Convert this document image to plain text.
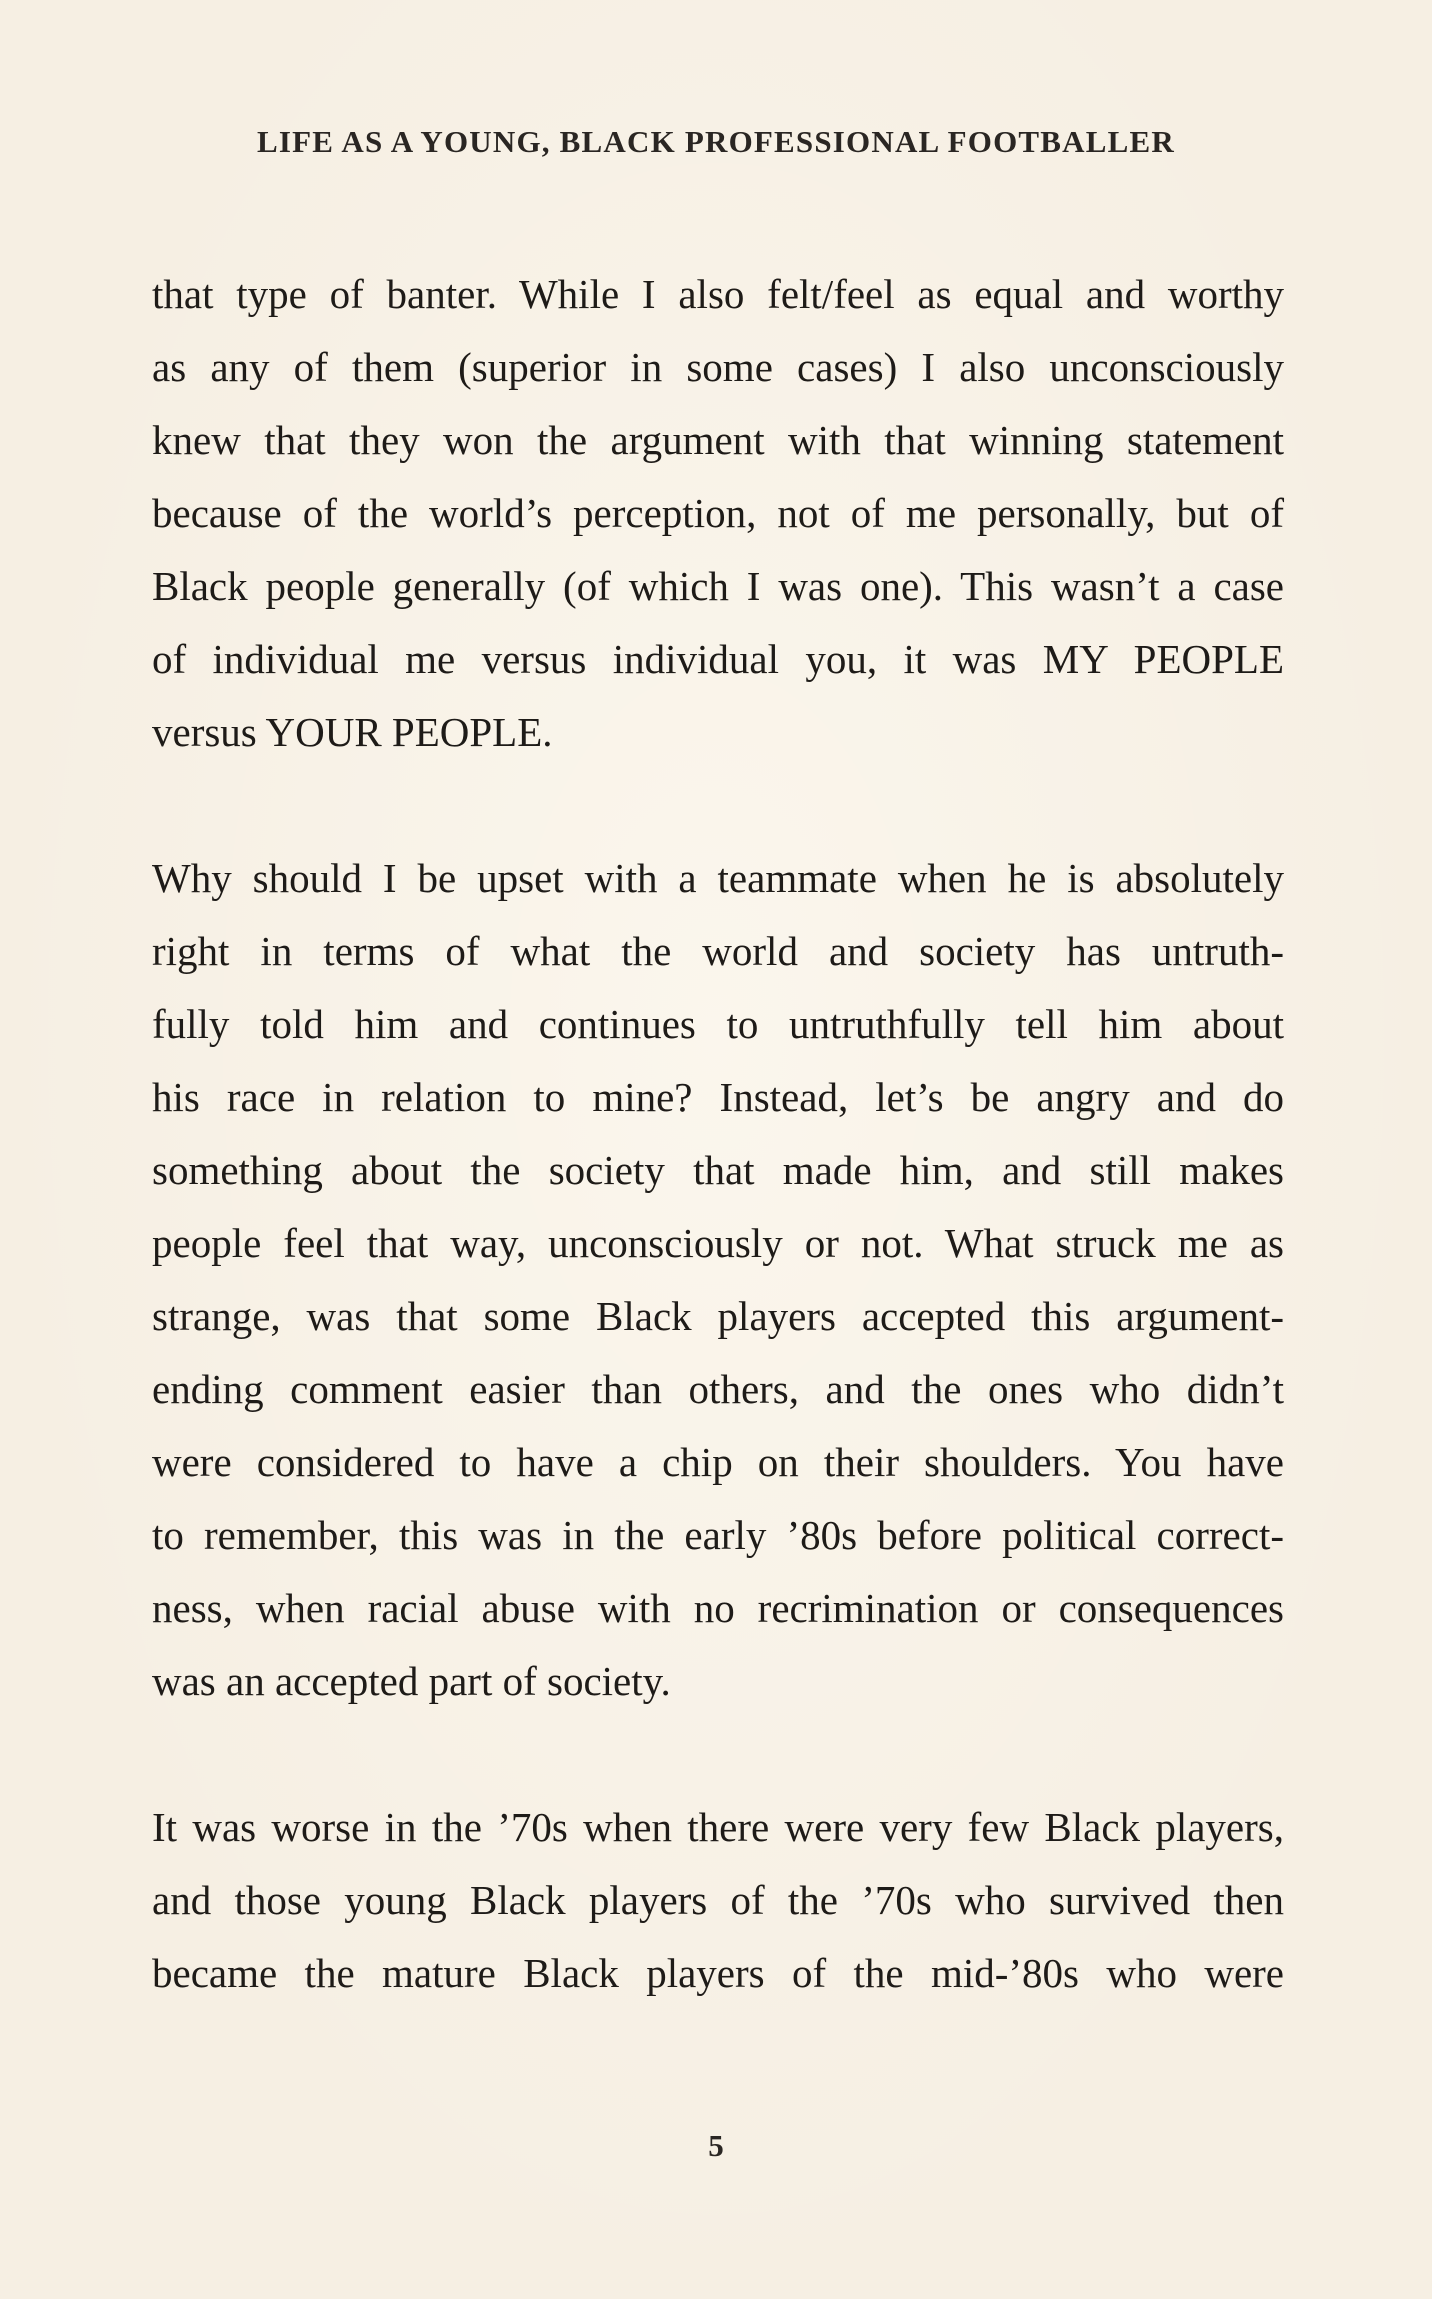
LIFE AS A YOUNG, BLACK PROFESSIONAL FOOTBALLER

that type of banter. While I also felt/feel as equal and worthy
as any of them (superior in some cases) I also unconsciously
knew that they won the argument with that winning statement
because of the world’s perception, not of me personally, but of
Black people generally (of which I was one). This wasn’t a case
of individual me versus individual you, it was MY PEOPLE
versus YOUR PEOPLE.

Why should I be upset with a teammate when he is absolutely
right in terms of what the world and society has untruth-
fully told him and continues to untruthfully tell him about
his race in relation to mine? Instead, let’s be angry and do
something about the society that made him, and still makes
people feel that way, unconsciously or not. What struck me as
strange, was that some Black players accepted this argument-
ending comment easier than others, and the ones who didn’t
were considered to have a chip on their shoulders. You have
to remember, this was in the early ’80s before political correct-
ness, when racial abuse with no recrimination or consequences
was an accepted part of society.

It was worse in the ’70s when there were very few Black players,
and those young Black players of the ’70s who survived then
became the mature Black players of the mid-’80s who were

5
